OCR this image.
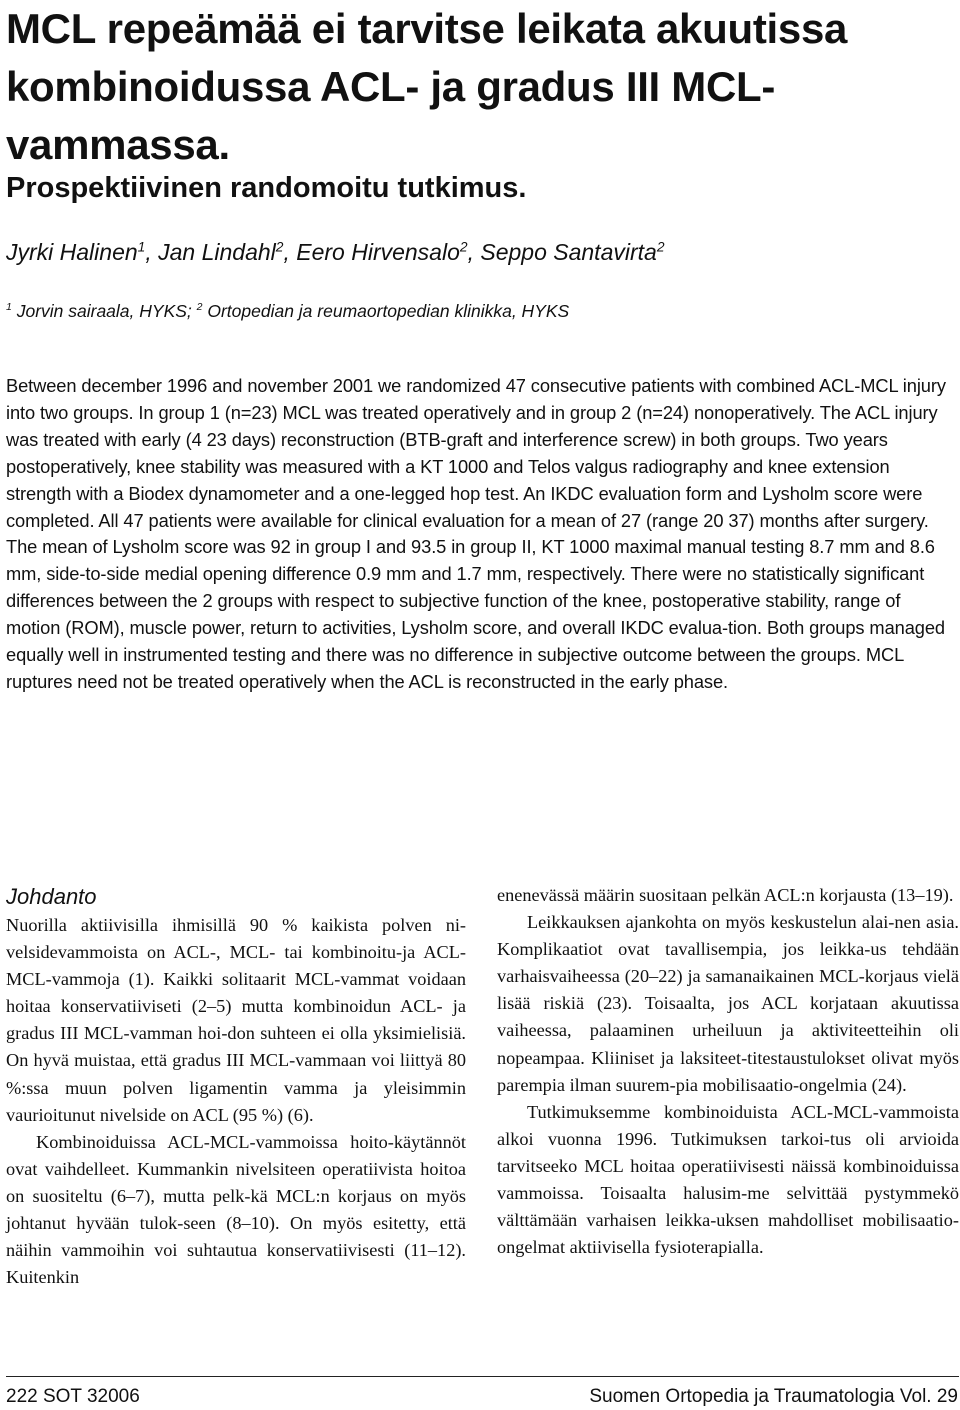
MCL repeämää ei tarvitse leikata akuutissa kombinoidussa ACL- ja gradus III MCL-vammassa.
Prospektiivinen randomoitu tutkimus.
Jyrki Halinen$^1$, Jan Lindahl$^2$, Eero Hirvensalo$^2$, Seppo Santavirta$^2$
$^1$ Jorvin sairaala, HYKS; $^2$ Ortopedian ja reumaortopedian klinikka, HYKS

Between december 1996 and november 2001 we randomized 47 consecutive patients with combined ACL-MCL injury into two groups. In group 1 (n=23) MCL was treated operatively and in group 2 (n=24) nonoperatively. The ACL injury was treated with early (4 23 days) reconstruction (BTB-graft and interference screw) in both groups. Two years postoperatively, knee stability was measured with a KT 1000 and Telos valgus radiography and knee extension strength with a Biodex dynamometer and a one-legged hop test. An IKDC evaluation form and Lysholm score were completed. All 47 patients were available for clinical evaluation for a mean of 27 (range 20 37) months after surgery. The mean of Lysholm score was 92 in group I and 93.5 in group II, KT 1000 maximal manual testing 8.7 mm and 8.6 mm, side-to-side medial opening difference 0.9 mm and 1.7 mm, respectively. There were no statistically significant differences between the 2 groups with respect to subjective function of the knee, postoperative stability, range of motion (ROM), muscle power, return to activities, Lysholm score, and overall IKDC evalua-tion. Both groups managed equally well in instrumented testing and there was no difference in subjective outcome between the groups. MCL ruptures need not be treated operatively when the ACL is reconstructed in the early phase.

Johdanto

Nuorilla aktiivisilla ihmisillä 90 % kaikista polven ni-velsidevammoista on ACL-, MCL- tai kombinoitu-ja ACL-MCL-vammoja (1). Kaikki solitaarit MCL-vammat voidaan hoitaa konservatiiviseti (2–5) mutta kombinoidun ACL- ja gradus III MCL-vamman hoi-don suhteen ei olla yksimielisiä. On hyvä muistaa, että gradus III MCL-vammaan voi liittyä 80 %:ssa muun polven ligamentin vamma ja yleisimmin vaurioitunut nivelside on ACL (95 %) (6).

Kombinoiduissa ACL-MCL-vammoissa hoito-käytännöt ovat vaihdelleet. Kummankin nivelsiteen operatiivista hoitoa on suositeltu (6–7), mutta pelk-kä MCL:n korjaus on myös johtanut hyvään tulok-seen (8–10). On myös esitetty, että näihin vammoihin voi suhtautua konservatiivisesti (11–12). Kuitenkin

enenevässä määrin suositaan pelkän ACL:n korjausta (13–19).

Leikkauksen ajankohta on myös keskustelun alai-nen asia. Komplikaatiot ovat tavallisempia, jos leikka-us tehdään varhaisvaiheessa (20–22) ja samanaikainen MCL-korjaus vielä lisää riskiä (23). Toisaalta, jos ACL korjataan akuutissa vaiheessa, palaaminen urheiluun ja aktiviteetteihin oli nopeampaa. Kliiniset ja laksiteet-titestaustulokset olivat myös parempia ilman suurem-pia mobilisaatio-ongelmia (24).

Tutkimuksemme kombinoiduista ACL-MCL-vammoista alkoi vuonna 1996. Tutkimuksen tarkoi-tus oli arvioida tarvitseeko MCL hoitaa operatiivisesti näissä kombinoiduissa vammoissa. Toisaalta halusim-me selvittää pystymmekö välttämään varhaisen leikka-uksen mahdolliset mobilisaatio-ongelmat aktiivisella fysioterapialla.

222 SOT 32006	Suomen Ortopedia ja Traumatologia Vol. 29
